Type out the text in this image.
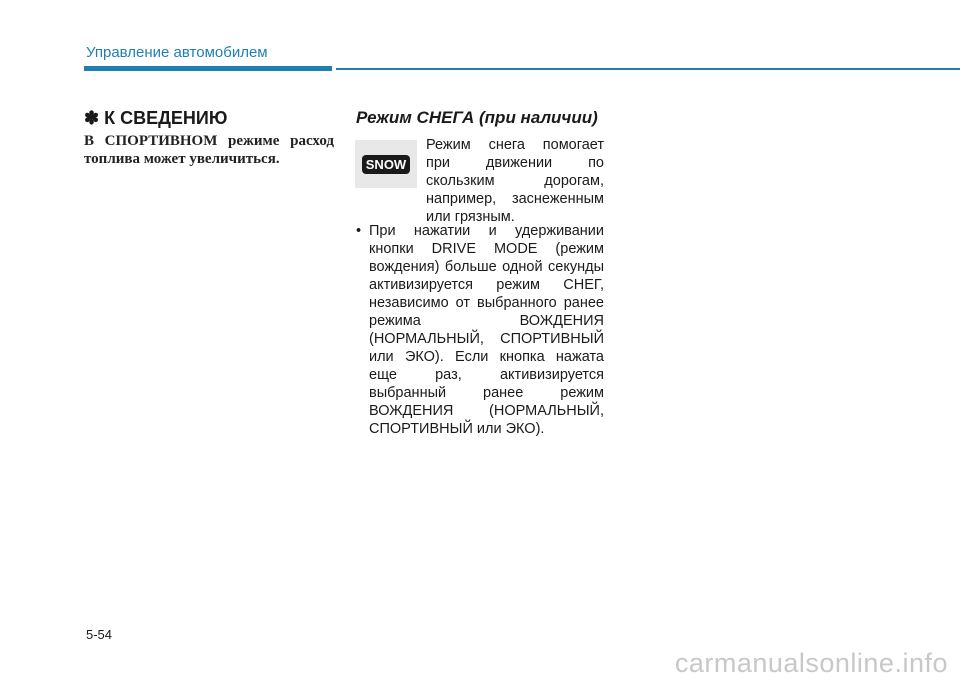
Управление автомобилем
✽ К СВЕДЕНИЮ
В СПОРТИВНОМ режиме расход топлива может увеличиться.
Режим СНЕГА (при наличии)
SNOW
Режим снега помогает при движении по скользким дорогам, например, заснеженным или грязным.
• При нажатии и удерживании кнопки DRIVE MODE (режим вождения) больше одной секунды активизируется режим СНЕГ, независимо от выбранного ранее режима ВОЖДЕНИЯ (НОРМАЛЬНЫЙ, СПОРТИВНЫЙ или ЭКО). Если кнопка нажата еще раз, активизируется выбранный ранее режим ВОЖДЕНИЯ (НОРМАЛЬНЫЙ, СПОРТИВНЫЙ или ЭКО).
5-54
carmanualsonline.info
